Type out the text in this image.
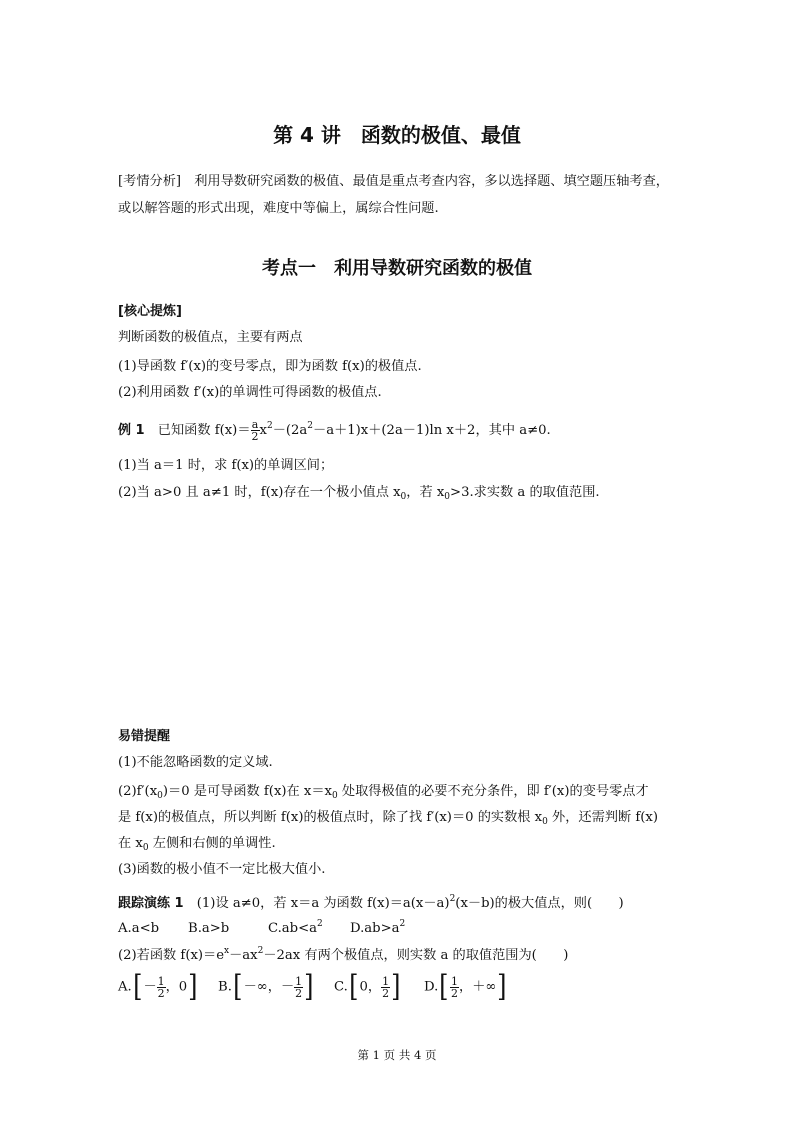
第 4 讲　函数的极值、最值
[考情分析]　利用导数研究函数的极值、最值是重点考查内容，多以选择题、填空题压轴考查，或以解答题的形式出现，难度中等偏上，属综合性问题.
考点一　利用导数研究函数的极值
[核心提炼]
判断函数的极值点，主要有两点
(1)导函数 f′(x)的变号零点，即为函数 f(x)的极值点.
(2)利用函数 f′(x)的单调性可得函数的极值点.
例 1　已知函数 $f(x)= \frac{a}{2} x^2-(2a^2-a+1)x+(2a-1)\ln$ x＋2，其中 a≠0.
(1)当 a＝1 时，求 f(x)的单调区间；
(2)当 a>0 且 a≠1 时，f(x)存在一个极小值点 $x_0$，若 $x_0>3$.求实数 a 的取值范围.
易错提醒
(1)不能忽略函数的定义域.
$(2)f'(x_0)=0$ 是可导函数 f(x)在 $x=x_0$ 处取得极值的必要不充分条件，即 f′(x)的变号零点才
是 f(x)的极值点，所以判断 f(x)的极值点时，除了找 f′(x)＝0 的实数根 $x_0$ 外，还需判断 f(x)
在 $x_0$ 左侧和右侧的单调性.
(3)函数的极小值不一定比极大值小.
跟踪演练 1　(1)设 a≠0，若 x＝a 为函数 $f(x)=a(x-a)^2(x-b)$的极大值点，则(　　)
A.a<b B.a>b	$C.ab<a^2$ $D.ab>a^2$
(2)若函数 $f(x)=e^x-ax^2-2ax$ 有两个极值点，则实数 a 的取值范围为(　　)
$A.[- \frac{1}{2}$ ，0] B.[－∞，－ $\frac{1}{2}$ ] C.[0， $\frac{1}{2}$ ] $D.[ \frac{1}{2}$ ，＋∞]
第 1 页 共 4 页
